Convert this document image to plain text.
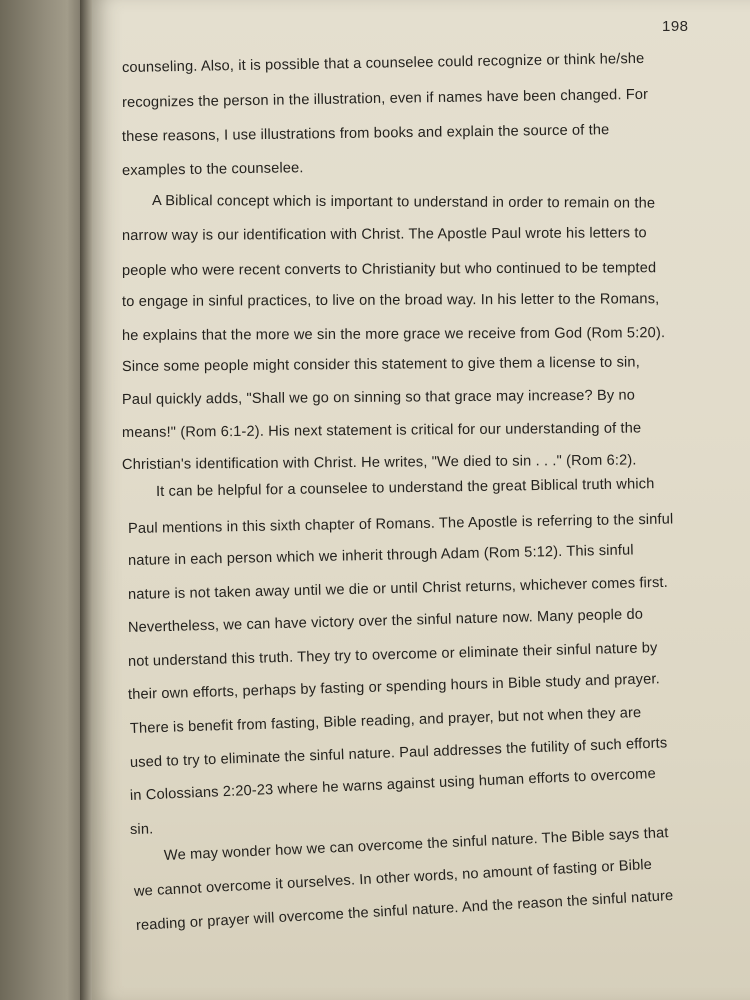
198
counseling. Also, it is possible that a counselee could recognize or think he/she
recognizes the person in the illustration, even if names have been changed. For
these reasons, I use illustrations from books and explain the source of the
examples to the counselee.
A Biblical concept which is important to understand in order to remain on the
narrow way is our identification with Christ. The Apostle Paul wrote his letters to
people who were recent converts to Christianity but who continued to be tempted
to engage in sinful practices, to live on the broad way. In his letter to the Romans,
he explains that the more we sin the more grace we receive from God (Rom 5:20).
Since some people might consider this statement to give them a license to sin,
Paul quickly adds, "Shall we go on sinning so that grace may increase? By no
means!" (Rom 6:1-2). His next statement is critical for our understanding of the
Christian's identification with Christ. He writes, "We died to sin . . ." (Rom 6:2).
It can be helpful for a counselee to understand the great Biblical truth which
Paul mentions in this sixth chapter of Romans. The Apostle is referring to the sinful
nature in each person which we inherit through Adam (Rom 5:12). This sinful
nature is not taken away until we die or until Christ returns, whichever comes first.
Nevertheless, we can have victory over the sinful nature now. Many people do
not understand this truth. They try to overcome or eliminate their sinful nature by
their own efforts, perhaps by fasting or spending hours in Bible study and prayer.
There is benefit from fasting, Bible reading, and prayer, but not when they are
used to try to eliminate the sinful nature. Paul addresses the futility of such efforts
in Colossians 2:20-23 where he warns against using human efforts to overcome
sin. We may wonder how we can overcome the sinful nature. The Bible says that
we cannot overcome it ourselves. In other words, no amount of fasting or Bible
reading or prayer will overcome the sinful nature. And the reason the sinful nature
